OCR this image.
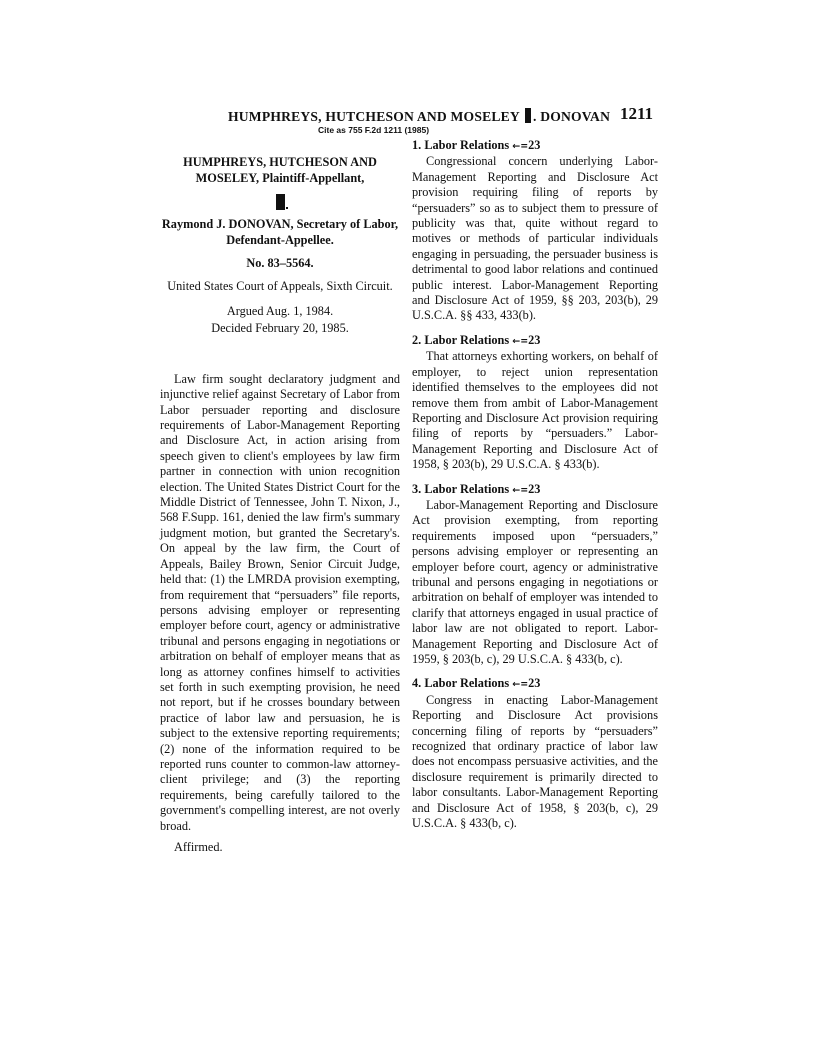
HUMPHREYS, HUTCHESON AND MOSELEY . DONOVAN 1211
Cite as 755 F.2d 1211 (1985)
HUMPHREYS, HUTCHESON AND MOSELEY, Plaintiff-Appellant,
Raymond J. DONOVAN, Secretary of Labor, Defendant-Appellee.
No. 83–5564.
United States Court of Appeals, Sixth Circuit.
Argued Aug. 1, 1984.
Decided February 20, 1985.
Law firm sought declaratory judgment and injunctive relief against Secretary of Labor from Labor persuader reporting and disclosure requirements of Labor-Management Reporting and Disclosure Act, in action arising from speech given to client's employees by law firm partner in connection with union recognition election. The United States District Court for the Middle District of Tennessee, John T. Nixon, J., 568 F.Supp. 161, denied the law firm's summary judgment motion, but granted the Secretary's. On appeal by the law firm, the Court of Appeals, Bailey Brown, Senior Circuit Judge, held that: (1) the LMRDA provision exempting, from requirement that “persuaders” file reports, persons advising employer or representing employer before court, agency or administrative tribunal and persons engaging in negotiations or arbitration on behalf of employer means that as long as attorney confines himself to activities set forth in such exempting provision, he need not report, but if he crosses boundary between practice of labor law and persuasion, he is subject to the extensive reporting requirements; (2) none of the information required to be reported runs counter to common-law attorney-client privilege; and (3) the reporting requirements, being carefully tailored to the government's compelling interest, are not overly broad.
Affirmed.
1. Labor Relations ←=23

Congressional concern underlying Labor-Management Reporting and Disclosure Act provision requiring filing of reports by “persuaders” so as to subject them to pressure of publicity was that, quite without regard to motives or methods of particular individuals engaging in persuading, the persuader business is detrimental to good labor relations and continued public interest. Labor-Management Reporting and Disclosure Act of 1959, §§ 203, 203(b), 29 U.S.C.A. §§ 433, 433(b).

2. Labor Relations ←=23

That attorneys exhorting workers, on behalf of employer, to reject union representation identified themselves to the employees did not remove them from ambit of Labor-Management Reporting and Disclosure Act provision requiring filing of reports by “persuaders.” Labor-Management Reporting and Disclosure Act of 1958, § 203(b), 29 U.S.C.A. § 433(b).

3. Labor Relations ←=23

Labor-Management Reporting and Disclosure Act provision exempting, from reporting requirements imposed upon “persuaders,” persons advising employer or representing an employer before court, agency or administrative tribunal and persons engaging in negotiations or arbitration on behalf of employer was intended to clarify that attorneys engaged in usual practice of labor law are not obligated to report. Labor-Management Reporting and Disclosure Act of 1959, § 203(b, c), 29 U.S.C.A. § 433(b, c).

4. Labor Relations ←=23

Congress in enacting Labor-Management Reporting and Disclosure Act provisions concerning filing of reports by “persuaders” recognized that ordinary practice of labor law does not encompass persuasive activities, and the disclosure requirement is primarily directed to labor consultants. Labor-Management Reporting and Disclosure Act of 1958, § 203(b, c), 29 U.S.C.A. § 433(b, c).
